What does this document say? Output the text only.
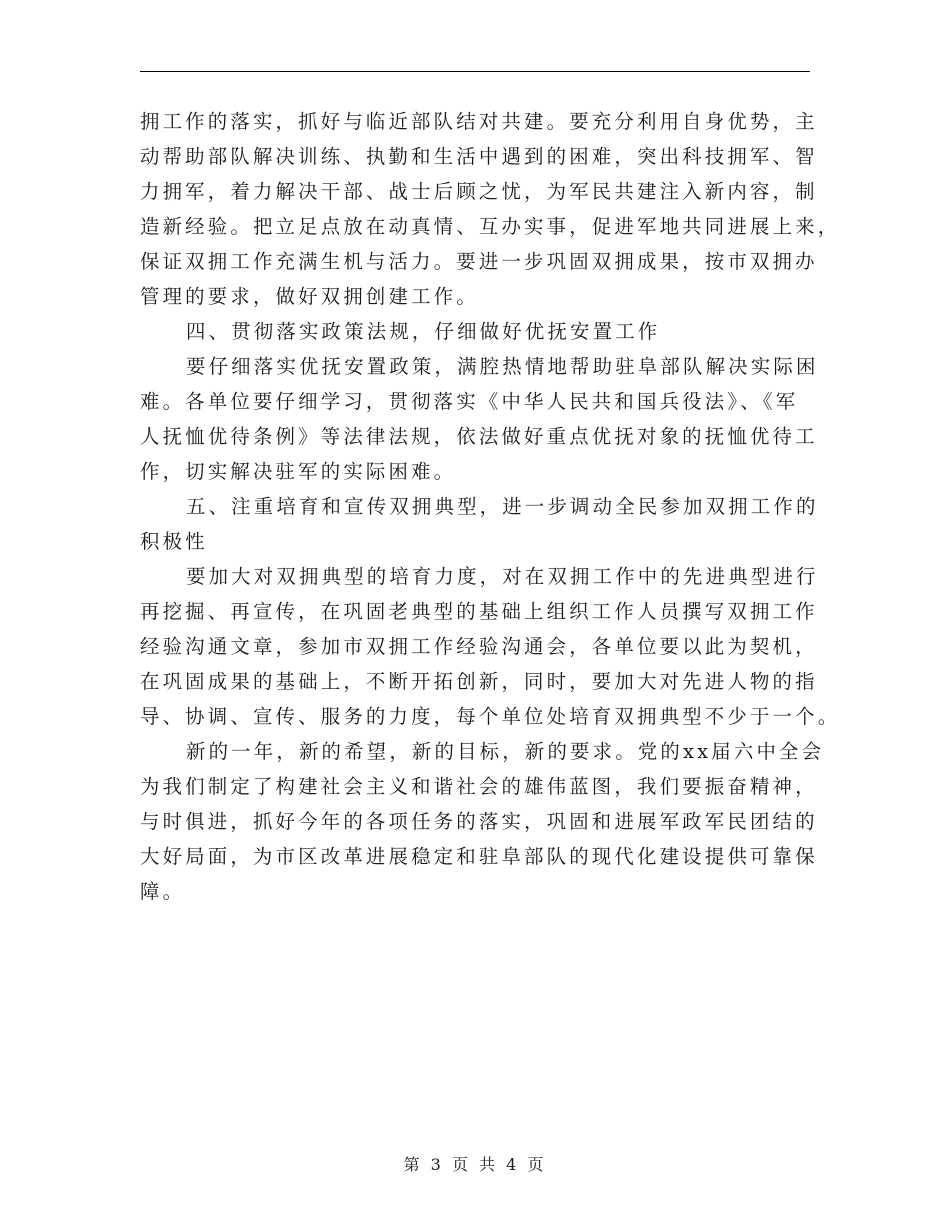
拥工作的落实，抓好与临近部队结对共建。要充分利用自身优势，主
动帮助部队解决训练、执勤和生活中遇到的困难，突出科技拥军、智
力拥军，着力解决干部、战士后顾之忧，为军民共建注入新内容，制
造新经验。把立足点放在动真情、互办实事，促进军地共同进展上来，
保证双拥工作充满生机与活力。要进一步巩固双拥成果，按市双拥办
管理的要求，做好双拥创建工作。
四、贯彻落实政策法规，仔细做好优抚安置工作
要仔细落实优抚安置政策，满腔热情地帮助驻阜部队解决实际困
难。各单位要仔细学习，贯彻落实《中华人民共和国兵役法》、《军
人抚恤优待条例》等法律法规，依法做好重点优抚对象的抚恤优待工
作，切实解决驻军的实际困难。
五、注重培育和宣传双拥典型，进一步调动全民参加双拥工作的
积极性
要加大对双拥典型的培育力度，对在双拥工作中的先进典型进行
再挖掘、再宣传，在巩固老典型的基础上组织工作人员撰写双拥工作
经验沟通文章，参加市双拥工作经验沟通会，各单位要以此为契机，
在巩固成果的基础上，不断开拓创新，同时，要加大对先进人物的指
导、协调、宣传、服务的力度，每个单位处培育双拥典型不少于一个。
新的一年，新的希望，新的目标，新的要求。党的xx届六中全会
为我们制定了构建社会主义和谐社会的雄伟蓝图，我们要振奋精神，
与时俱进，抓好今年的各项任务的落实，巩固和进展军政军民团结的
大好局面，为市区改革进展稳定和驻阜部队的现代化建设提供可靠保
障。
第 3 页 共 4 页
